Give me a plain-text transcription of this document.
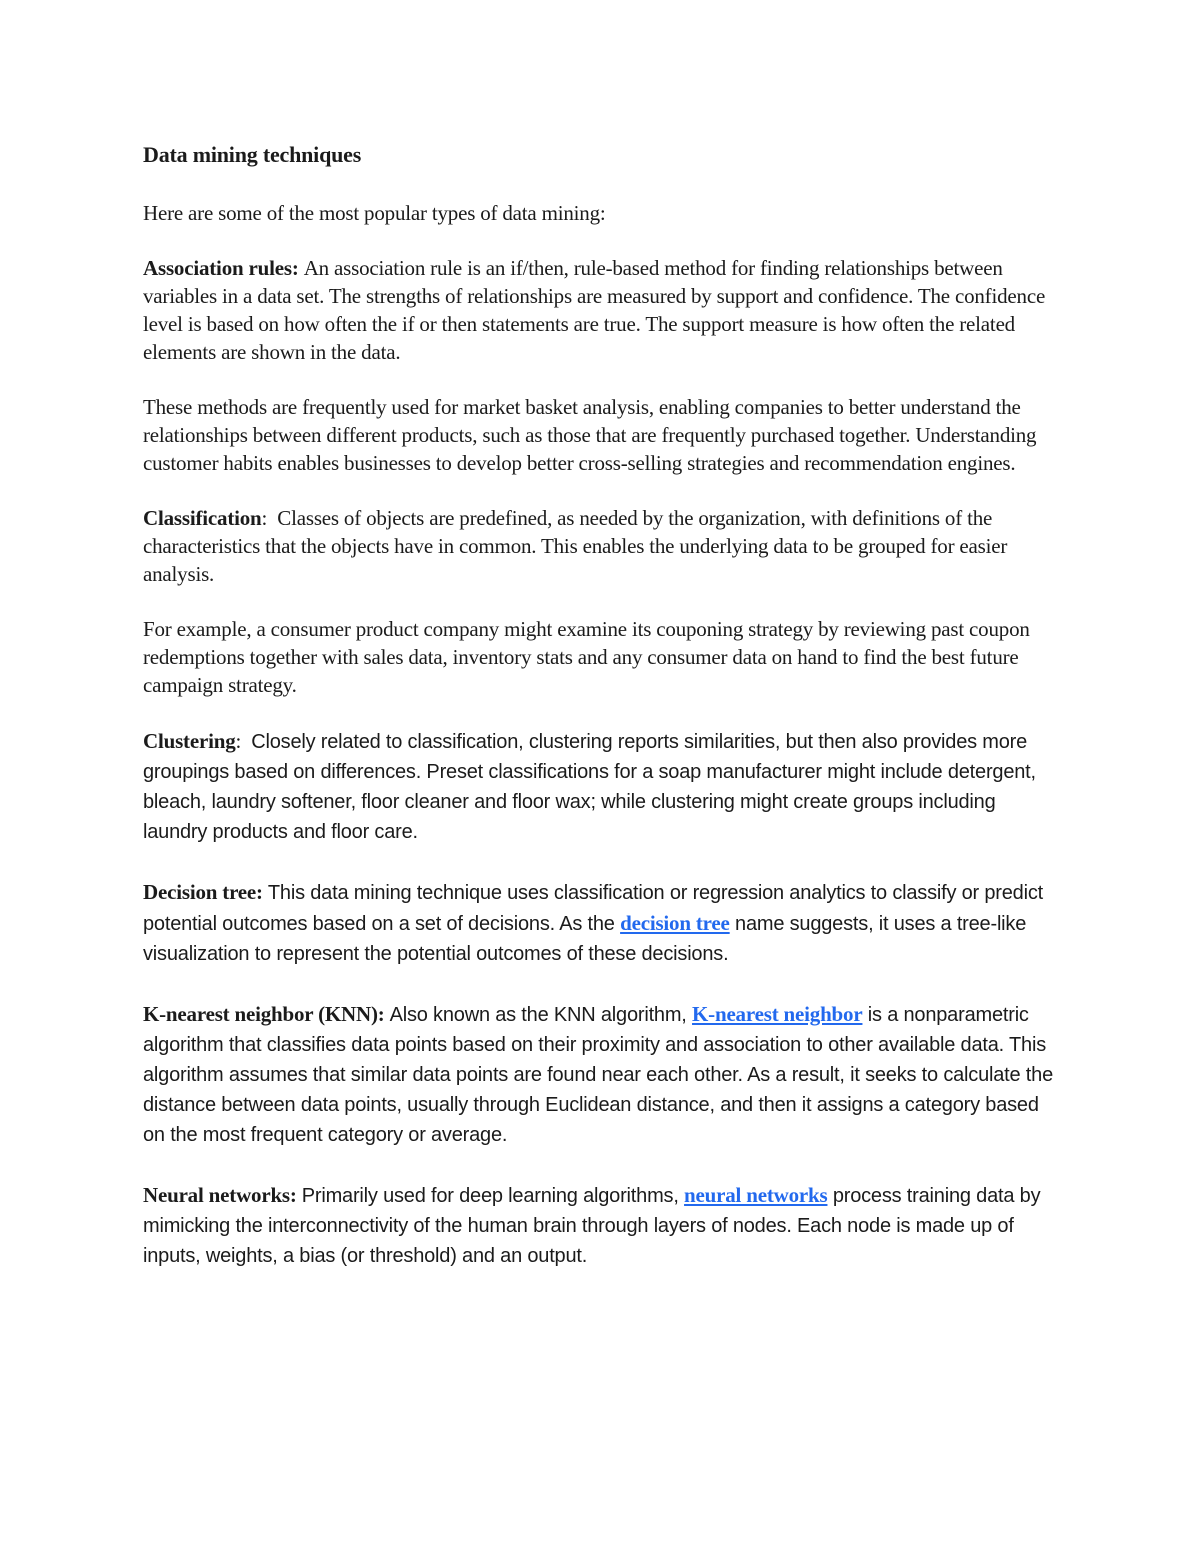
Data mining techniques

Here are some of the most popular types of data mining:

Association rules: An association rule is an if/then, rule-based method for finding relationships between variables in a data set. The strengths of relationships are measured by support and confidence. The confidence level is based on how often the if or then statements are true. The support measure is how often the related elements are shown in the data.

These methods are frequently used for market basket analysis, enabling companies to better understand the relationships between different products, such as those that are frequently purchased together. Understanding customer habits enables businesses to develop better cross-selling strategies and recommendation engines.

Classification:  Classes of objects are predefined, as needed by the organization, with definitions of the characteristics that the objects have in common. This enables the underlying data to be grouped for easier analysis.

For example, a consumer product company might examine its couponing strategy by reviewing past coupon redemptions together with sales data, inventory stats and any consumer data on hand to find the best future campaign strategy.

Clustering:  Closely related to classification, clustering reports similarities, but then also provides more groupings based on differences. Preset classifications for a soap manufacturer might include detergent, bleach, laundry softener, floor cleaner and floor wax; while clustering might create groups including laundry products and floor care.

Decision tree: This data mining technique uses classification or regression analytics to classify or predict potential outcomes based on a set of decisions. As the decision tree name suggests, it uses a tree-like visualization to represent the potential outcomes of these decisions.

K-nearest neighbor (KNN): Also known as the KNN algorithm, K-nearest neighbor is a nonparametric algorithm that classifies data points based on their proximity and association to other available data. This algorithm assumes that similar data points are found near each other. As a result, it seeks to calculate the distance between data points, usually through Euclidean distance, and then it assigns a category based on the most frequent category or average.

Neural networks: Primarily used for deep learning algorithms, neural networks process training data by mimicking the interconnectivity of the human brain through layers of nodes. Each node is made up of inputs, weights, a bias (or threshold) and an output.
